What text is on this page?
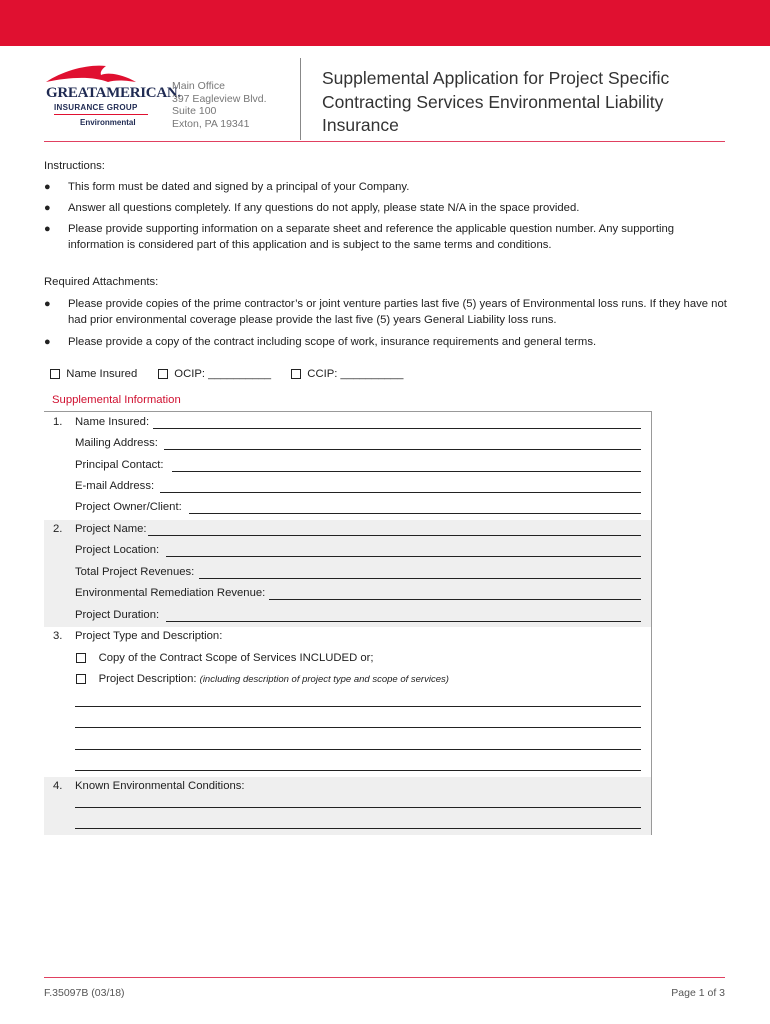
GREATAMERICAN.
INSURANCE GROUP
Environmental
Main Office
397 Eagleview Blvd.
Suite 100
Exton, PA 19341
Supplemental Application for Project Specific Contracting Services Environmental Liability Insurance
Instructions:
● This form must be dated and signed by a principal of your Company.
● Answer all questions completely. If any questions do not apply, please state N/A in the space provided.
● Please provide supporting information on a separate sheet and reference the applicable question number. Any supporting information is considered part of this application and is subject to the same terms and conditions.
Required Attachments:
● Please provide copies of the prime contractor’s or joint venture parties last five (5) years of Environmental loss runs. If they have not had prior environmental coverage please provide the last five (5) years General Liability loss runs.
● Please provide a copy of the contract including scope of work, insurance requirements and general terms.
Name Insured	OCIP: __________	CCIP: __________
Supplemental Information
1. Name Insured:
Mailing Address:
Principal Contact:
E-mail Address:
Project Owner/Client:
2. Project Name:
Project Location:
Total Project Revenues:
Environmental Remediation Revenue:
Project Duration:
3. Project Type and Description:
Copy of the Contract Scope of Services INCLUDED or;
Project Description: (including description of project type and scope of services)
4. Known Environmental Conditions:
F.35097B (03/18)	Page 1 of 3
